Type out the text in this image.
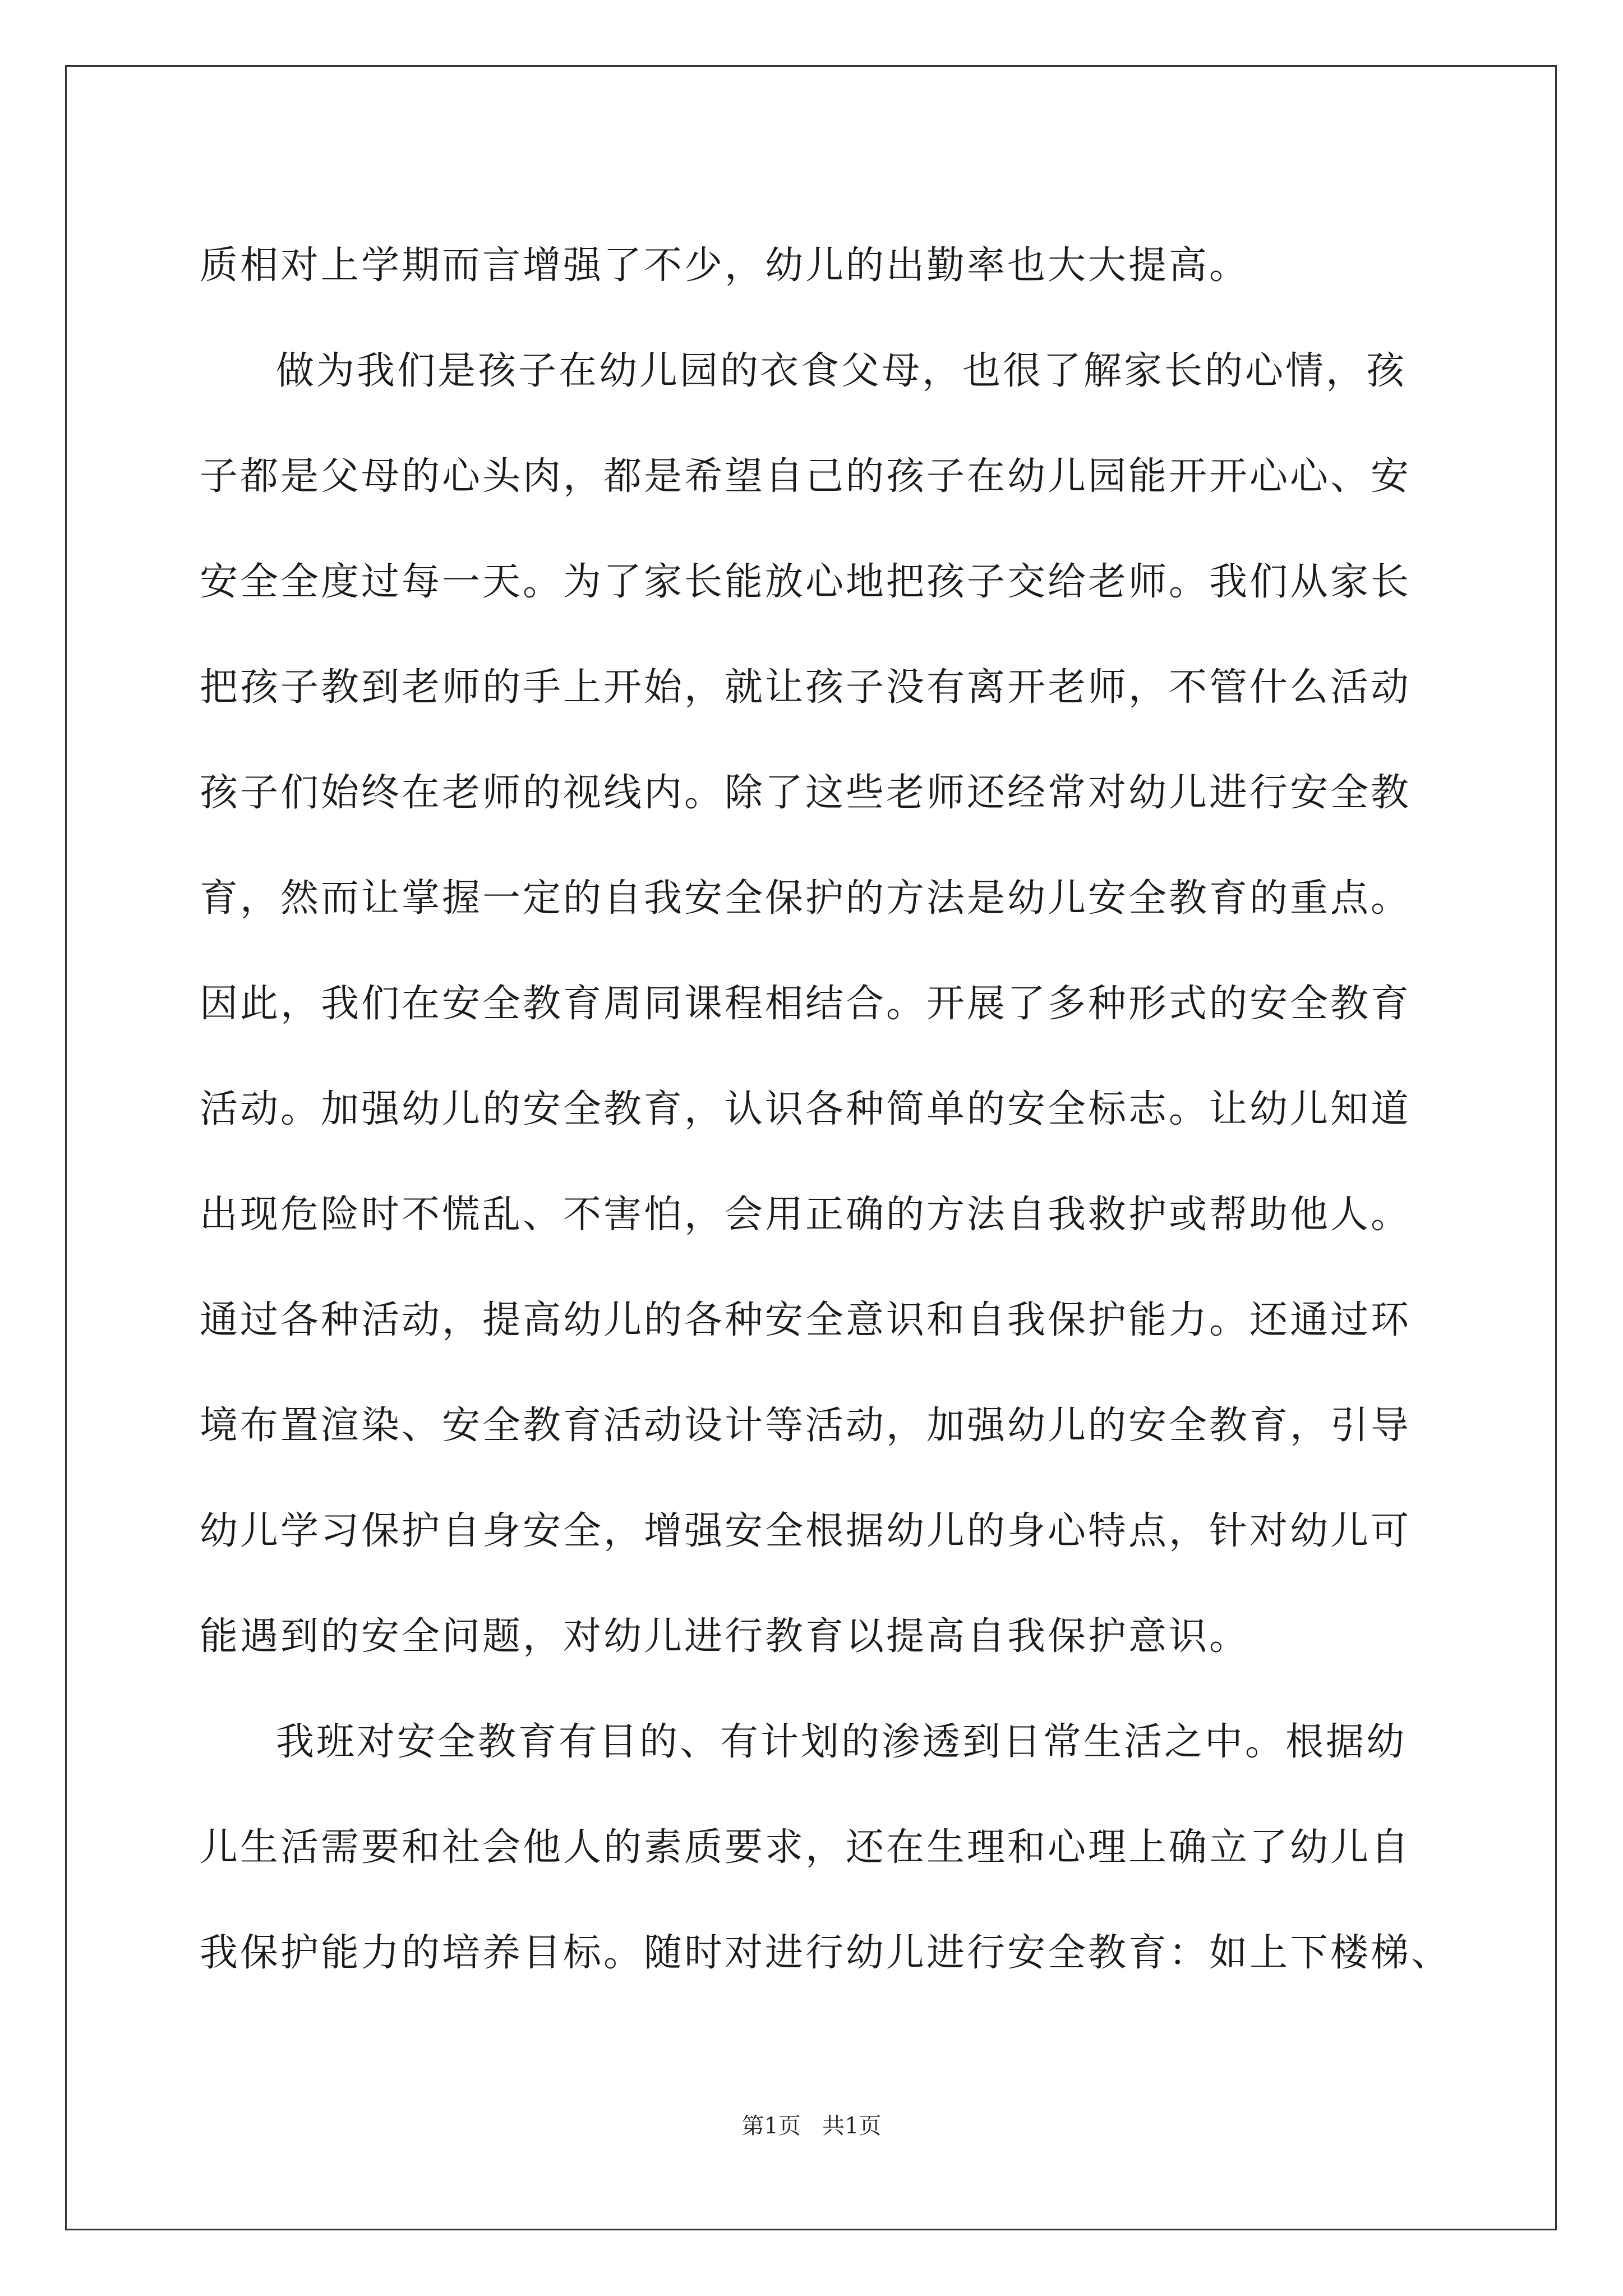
质相对上学期而言增强了不少，幼儿的出勤率也大大提高。
做为我们是孩子在幼儿园的衣食父母，也很了解家长的心情，孩
子都是父母的心头肉，都是希望自己的孩子在幼儿园能开开心心、安
安全全度过每一天。为了家长能放心地把孩子交给老师。我们从家长
把孩子教到老师的手上开始，就让孩子没有离开老师，不管什么活动
孩子们始终在老师的视线内。除了这些老师还经常对幼儿进行安全教
育，然而让掌握一定的自我安全保护的方法是幼儿安全教育的重点。
因此，我们在安全教育周同课程相结合。开展了多种形式的安全教育
活动。加强幼儿的安全教育，认识各种简单的安全标志。让幼儿知道
出现危险时不慌乱、不害怕，会用正确的方法自我救护或帮助他人。
通过各种活动，提高幼儿的各种安全意识和自我保护能力。还通过环
境布置渲染、安全教育活动设计等活动，加强幼儿的安全教育，引导
幼儿学习保护自身安全，增强安全根据幼儿的身心特点，针对幼儿可
能遇到的安全问题，对幼儿进行教育以提高自我保护意识。
我班对安全教育有目的、有计划的渗透到日常生活之中。根据幼
儿生活需要和社会他人的素质要求，还在生理和心理上确立了幼儿自
我保护能力的培养目标。随时对进行幼儿进行安全教育：如上下楼梯、
第1页   共1页
